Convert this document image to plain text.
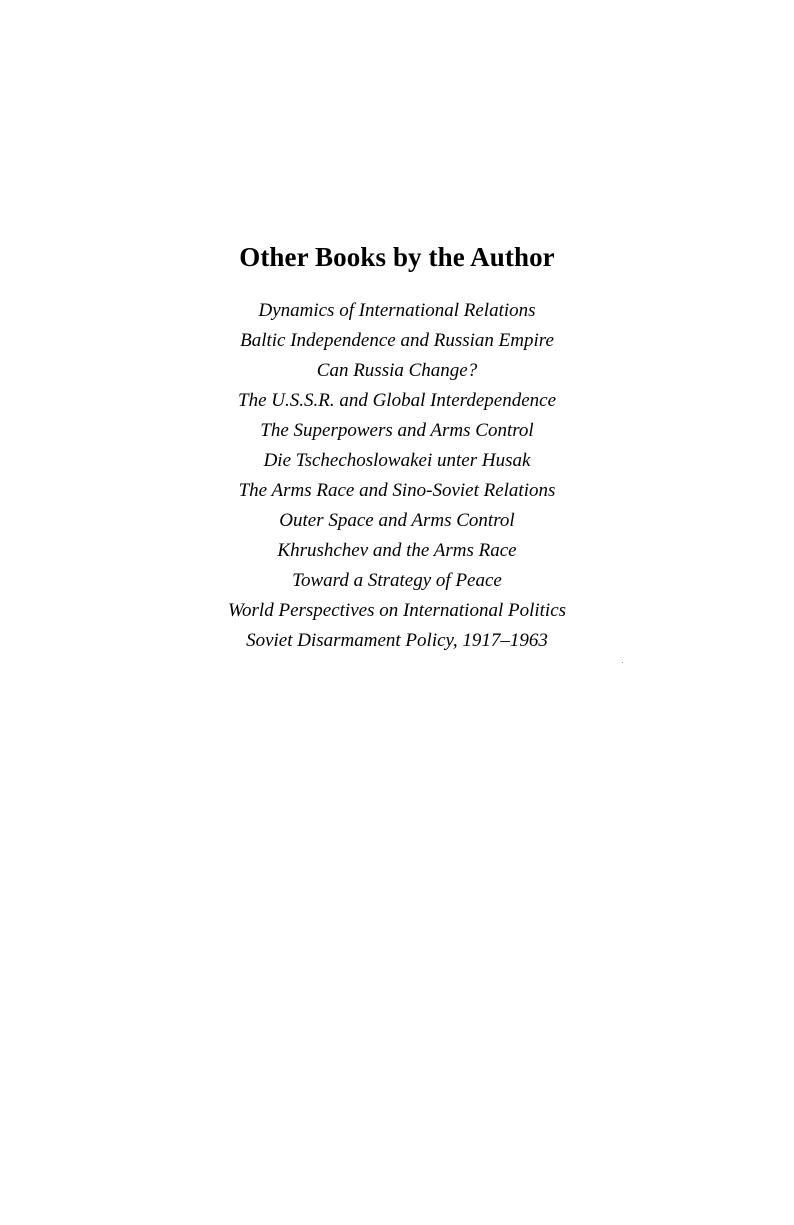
Other Books by the Author
Dynamics of International Relations
Baltic Independence and Russian Empire
Can Russia Change?
The U.S.S.R. and Global Interdependence
The Superpowers and Arms Control
Die Tschechoslowakei unter Husak
The Arms Race and Sino-Soviet Relations
Outer Space and Arms Control
Khrushchev and the Arms Race
Toward a Strategy of Peace
World Perspectives on International Politics
Soviet Disarmament Policy, 1917–1963
